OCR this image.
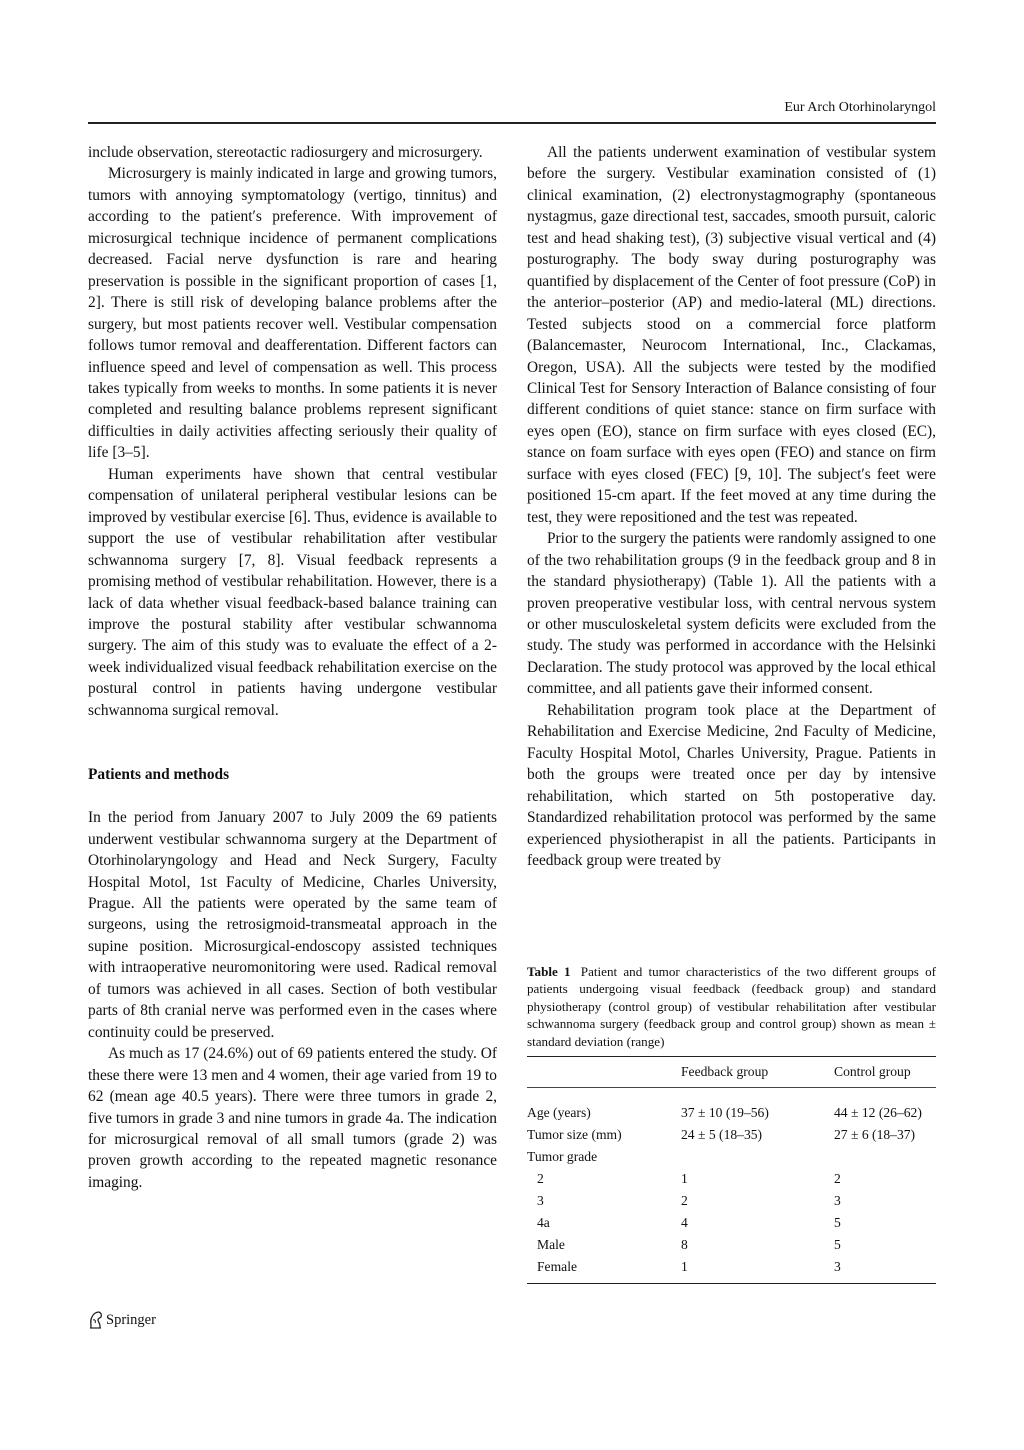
Eur Arch Otorhinolaryngol

include observation, stereotactic radiosurgery and microsurgery.

Microsurgery is mainly indicated in large and growing tumors, tumors with annoying symptomatology (vertigo, tinnitus) and according to the patient′s preference. With improvement of microsurgical technique incidence of permanent complications decreased. Facial nerve dysfunction is rare and hearing preservation is possible in the significant proportion of cases [1, 2]. There is still risk of developing balance problems after the surgery, but most patients recover well. Vestibular compensation follows tumor removal and deafferentation. Different factors can influence speed and level of compensation as well. This process takes typically from weeks to months. In some patients it is never completed and resulting balance problems represent significant difficulties in daily activities affecting seriously their quality of life [3–5].

Human experiments have shown that central vestibular compensation of unilateral peripheral vestibular lesions can be improved by vestibular exercise [6]. Thus, evidence is available to support the use of vestibular rehabilitation after vestibular schwannoma surgery [7, 8]. Visual feedback represents a promising method of vestibular rehabilitation. However, there is a lack of data whether visual feedback-based balance training can improve the postural stability after vestibular schwannoma surgery. The aim of this study was to evaluate the effect of a 2-week individualized visual feedback rehabilitation exercise on the postural control in patients having undergone vestibular schwannoma surgical removal.

Patients and methods

In the period from January 2007 to July 2009 the 69 patients underwent vestibular schwannoma surgery at the Department of Otorhinolaryngology and Head and Neck Surgery, Faculty Hospital Motol, 1st Faculty of Medicine, Charles University, Prague. All the patients were operated by the same team of surgeons, using the retrosigmoid-transmeatal approach in the supine position. Microsurgical-endoscopy assisted techniques with intraoperative neuromonitoring were used. Radical removal of tumors was achieved in all cases. Section of both vestibular parts of 8th cranial nerve was performed even in the cases where continuity could be preserved.

As much as 17 (24.6%) out of 69 patients entered the study. Of these there were 13 men and 4 women, their age varied from 19 to 62 (mean age 40.5 years). There were three tumors in grade 2, five tumors in grade 3 and nine tumors in grade 4a. The indication for microsurgical removal of all small tumors (grade 2) was proven growth according to the repeated magnetic resonance imaging.

All the patients underwent examination of vestibular system before the surgery. Vestibular examination consisted of (1) clinical examination, (2) electronystagmography (spontaneous nystagmus, gaze directional test, saccades, smooth pursuit, caloric test and head shaking test), (3) subjective visual vertical and (4) posturography. The body sway during posturography was quantified by displacement of the Center of foot pressure (CoP) in the anterior–posterior (AP) and medio-lateral (ML) directions. Tested subjects stood on a commercial force platform (Balancemaster, Neurocom International, Inc., Clackamas, Oregon, USA). All the subjects were tested by the modified Clinical Test for Sensory Interaction of Balance consisting of four different conditions of quiet stance: stance on firm surface with eyes open (EO), stance on firm surface with eyes closed (EC), stance on foam surface with eyes open (FEO) and stance on firm surface with eyes closed (FEC) [9, 10]. The subject′s feet were positioned 15-cm apart. If the feet moved at any time during the test, they were repositioned and the test was repeated.

Prior to the surgery the patients were randomly assigned to one of the two rehabilitation groups (9 in the feedback group and 8 in the standard physiotherapy) (Table 1). All the patients with a proven preoperative vestibular loss, with central nervous system or other musculoskeletal system deficits were excluded from the study. The study was performed in accordance with the Helsinki Declaration. The study protocol was approved by the local ethical committee, and all patients gave their informed consent.

Rehabilitation program took place at the Department of Rehabilitation and Exercise Medicine, 2nd Faculty of Medicine, Faculty Hospital Motol, Charles University, Prague. Patients in both the groups were treated once per day by intensive rehabilitation, which started on 5th postoperative day. Standardized rehabilitation protocol was performed by the same experienced physiotherapist in all the patients. Participants in feedback group were treated by

Table 1 Patient and tumor characteristics of the two different groups of patients undergoing visual feedback (feedback group) and standard physiotherapy (control group) of vestibular rehabilitation after vestibular schwannoma surgery (feedback group and control group) shown as mean ± standard deviation (range)
	Feedback group	Control group
Age (years)	37 ± 10 (19–56)	44 ± 12 (26–62)
Tumor size (mm)	24 ± 5 (18–35)	27 ± 6 (18–37)
Tumor grade		
2	1	2
3	2	3
4a	4	5
Male	8	5
Female	1	3
Springer
